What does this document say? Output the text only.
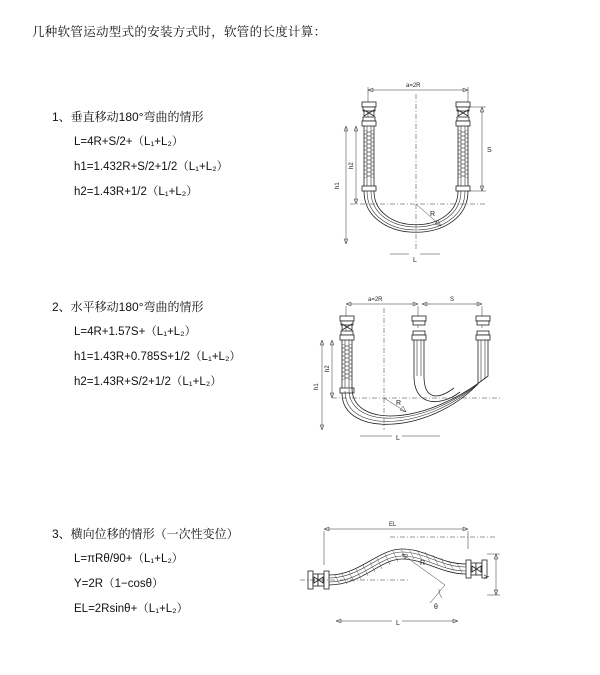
几种软管运动型式的安装方式时，软管的长度计算：
1、垂直移动180°弯曲的情形
L=4R+S/2+（L₁+L₂）
h1=1.432R+S/2+1/2（L₁+L₂）
h2=1.43R+1/2（L₁+L₂）
a=2R
R
h1
h2
S
L
2、水平移动180°弯曲的情形
L=4R+1.57S+（L₁+L₂）
h1=1.43R+0.785S+1/2（L₁+L₂）
h2=1.43R+S/2+1/2（L₁+L₂）
a=2R	S
R
h1
h2
L
3、横向位移的情形（一次性变位）
L=πRθ/90+（L₁+L₂）
Y=2R（1−cosθ）
EL=2Rsinθ+（L₁+L₂）
EL
Y
R
θ
L
